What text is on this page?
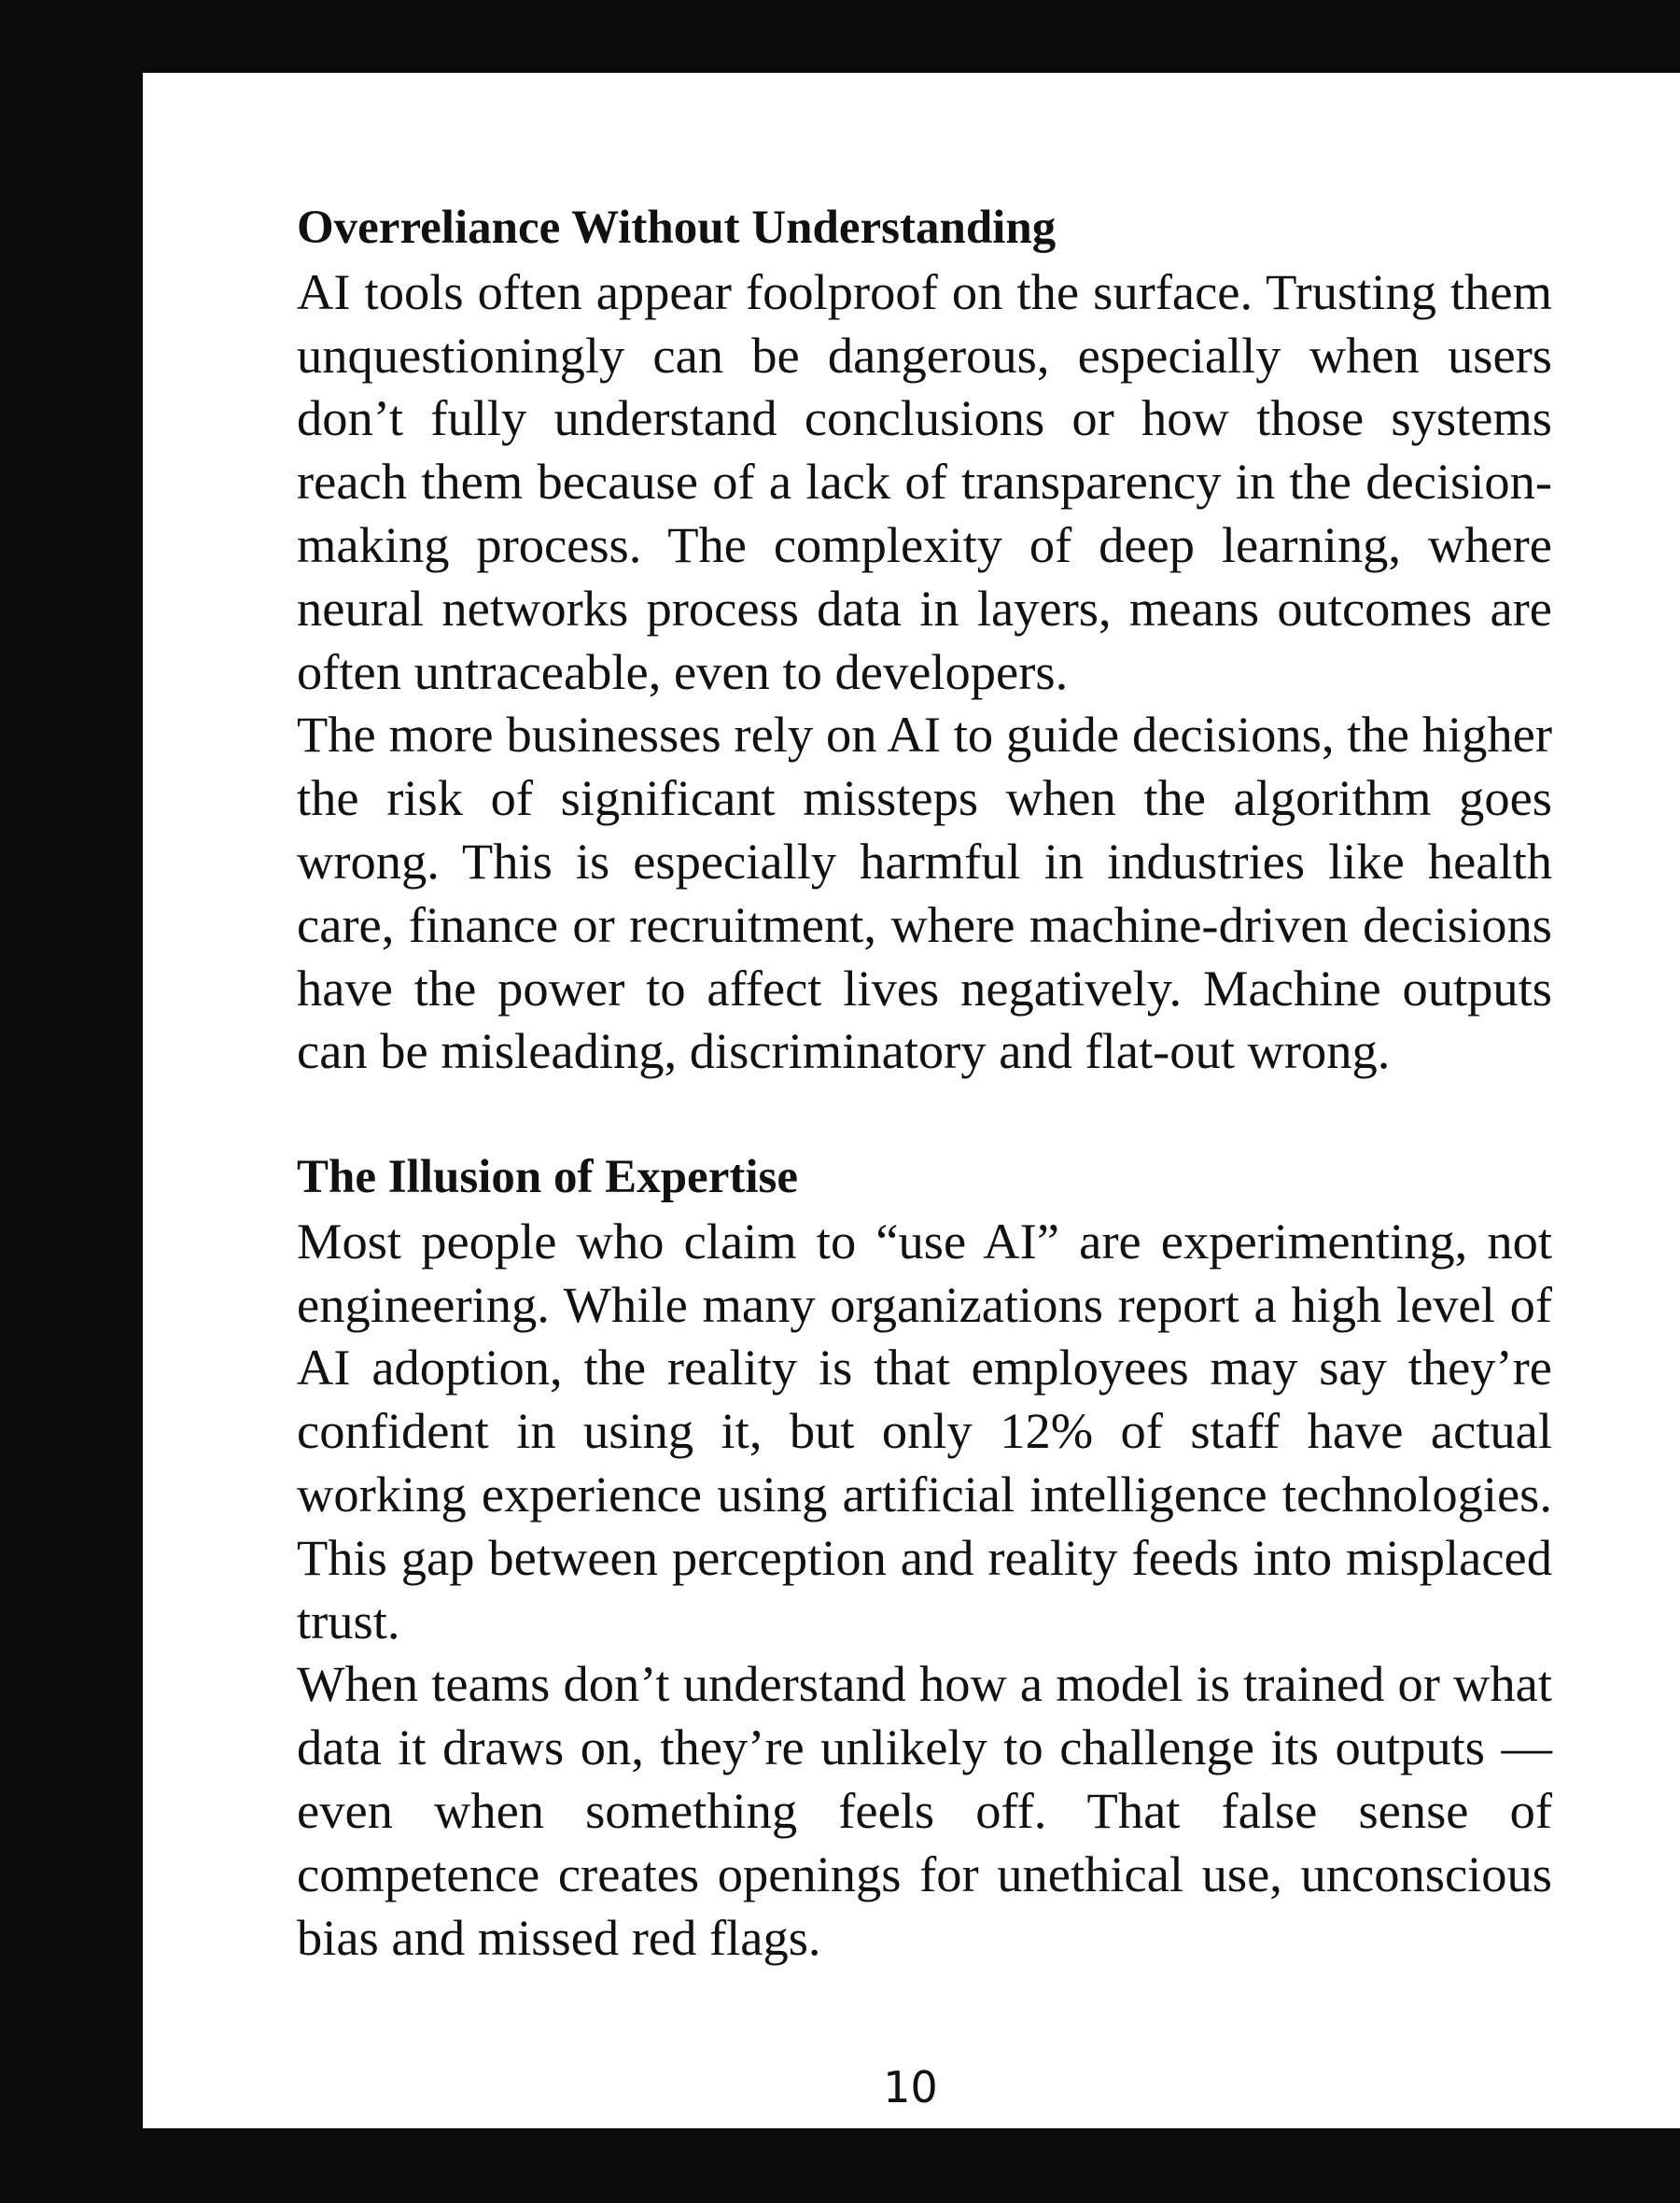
Overreliance Without Understanding

AI tools often appear foolproof on the surface. Trusting them unquestioningly can be dangerous, especially when users don’t fully understand conclusions or how those systems reach them because of a lack of transparency in the decision-making process. The complexity of deep learning, where neural networks process data in layers, means outcomes are often untraceable, even to developers.

The more businesses rely on AI to guide decisions, the higher the risk of significant missteps when the algorithm goes wrong. This is especially harmful in industries like health care, finance or recruitment, where machine-driven decisions have the power to affect lives negatively. Machine outputs can be misleading, discriminatory and flat-out wrong.

The Illusion of Expertise

Most people who claim to “use AI” are experimenting, not engineering. While many organizations report a high level of AI adoption, the reality is that employees may say they’re confident in using it, but only 12% of staff have actual working experience using artificial intelligence technologies. This gap between perception and reality feeds into misplaced trust.

When teams don’t understand how a model is trained or what data it draws on, they’re unlikely to challenge its outputs — even when something feels off. That false sense of competence creates openings for unethical use, unconscious bias and missed red flags.

10
